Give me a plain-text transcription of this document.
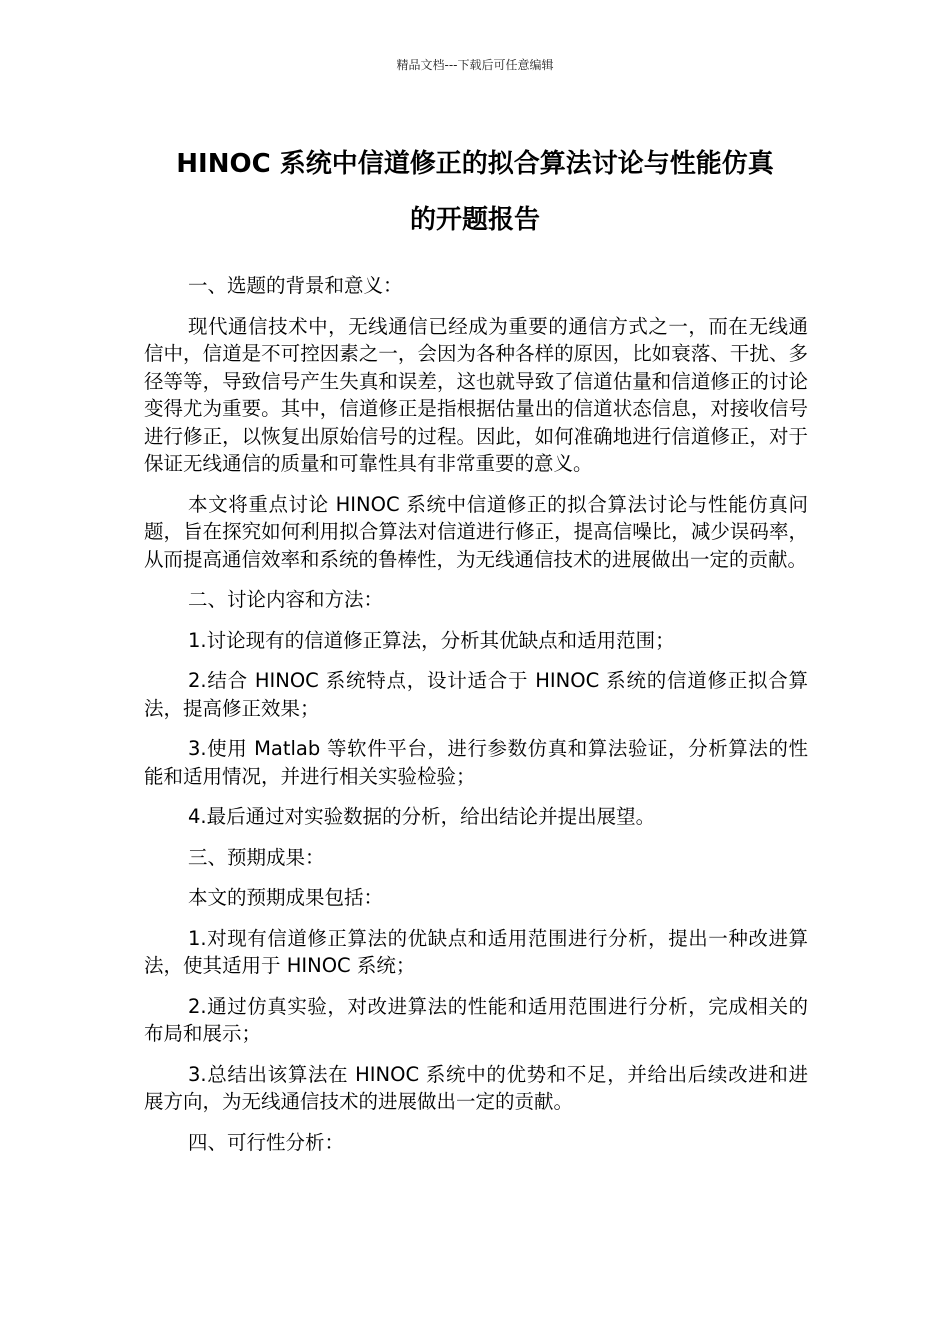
精品文档---下载后可任意编辑
HINOC 系统中信道修正的拟合算法讨论与性能仿真
的开题报告

一、选题的背景和意义：

现代通信技术中，无线通信已经成为重要的通信方式之一，而在无线通信中，信道是不可控因素之一，会因为各种各样的原因，比如衰落、干扰、多径等等，导致信号产生失真和误差，这也就导致了信道估量和信道修正的讨论变得尤为重要。其中，信道修正是指根据估量出的信道状态信息，对接收信号进行修正，以恢复出原始信号的过程。因此，如何准确地进行信道修正，对于保证无线通信的质量和可靠性具有非常重要的意义。

本文将重点讨论 HINOC 系统中信道修正的拟合算法讨论与性能仿真问题，旨在探究如何利用拟合算法对信道进行修正，提高信噪比，减少误码率，从而提高通信效率和系统的鲁棒性，为无线通信技术的进展做出一定的贡献。

二、讨论内容和方法：

1.讨论现有的信道修正算法，分析其优缺点和适用范围；

2.结合 HINOC 系统特点，设计适合于 HINOC 系统的信道修正拟合算法，提高修正效果；

3.使用 Matlab 等软件平台，进行参数仿真和算法验证，分析算法的性能和适用情况，并进行相关实验检验；

4.最后通过对实验数据的分析，给出结论并提出展望。

三、预期成果：

本文的预期成果包括：

1.对现有信道修正算法的优缺点和适用范围进行分析，提出一种改进算法，使其适用于 HINOC 系统；

2.通过仿真实验，对改进算法的性能和适用范围进行分析，完成相关的布局和展示；

3.总结出该算法在 HINOC 系统中的优势和不足，并给出后续改进和进展方向，为无线通信技术的进展做出一定的贡献。

四、可行性分析：
